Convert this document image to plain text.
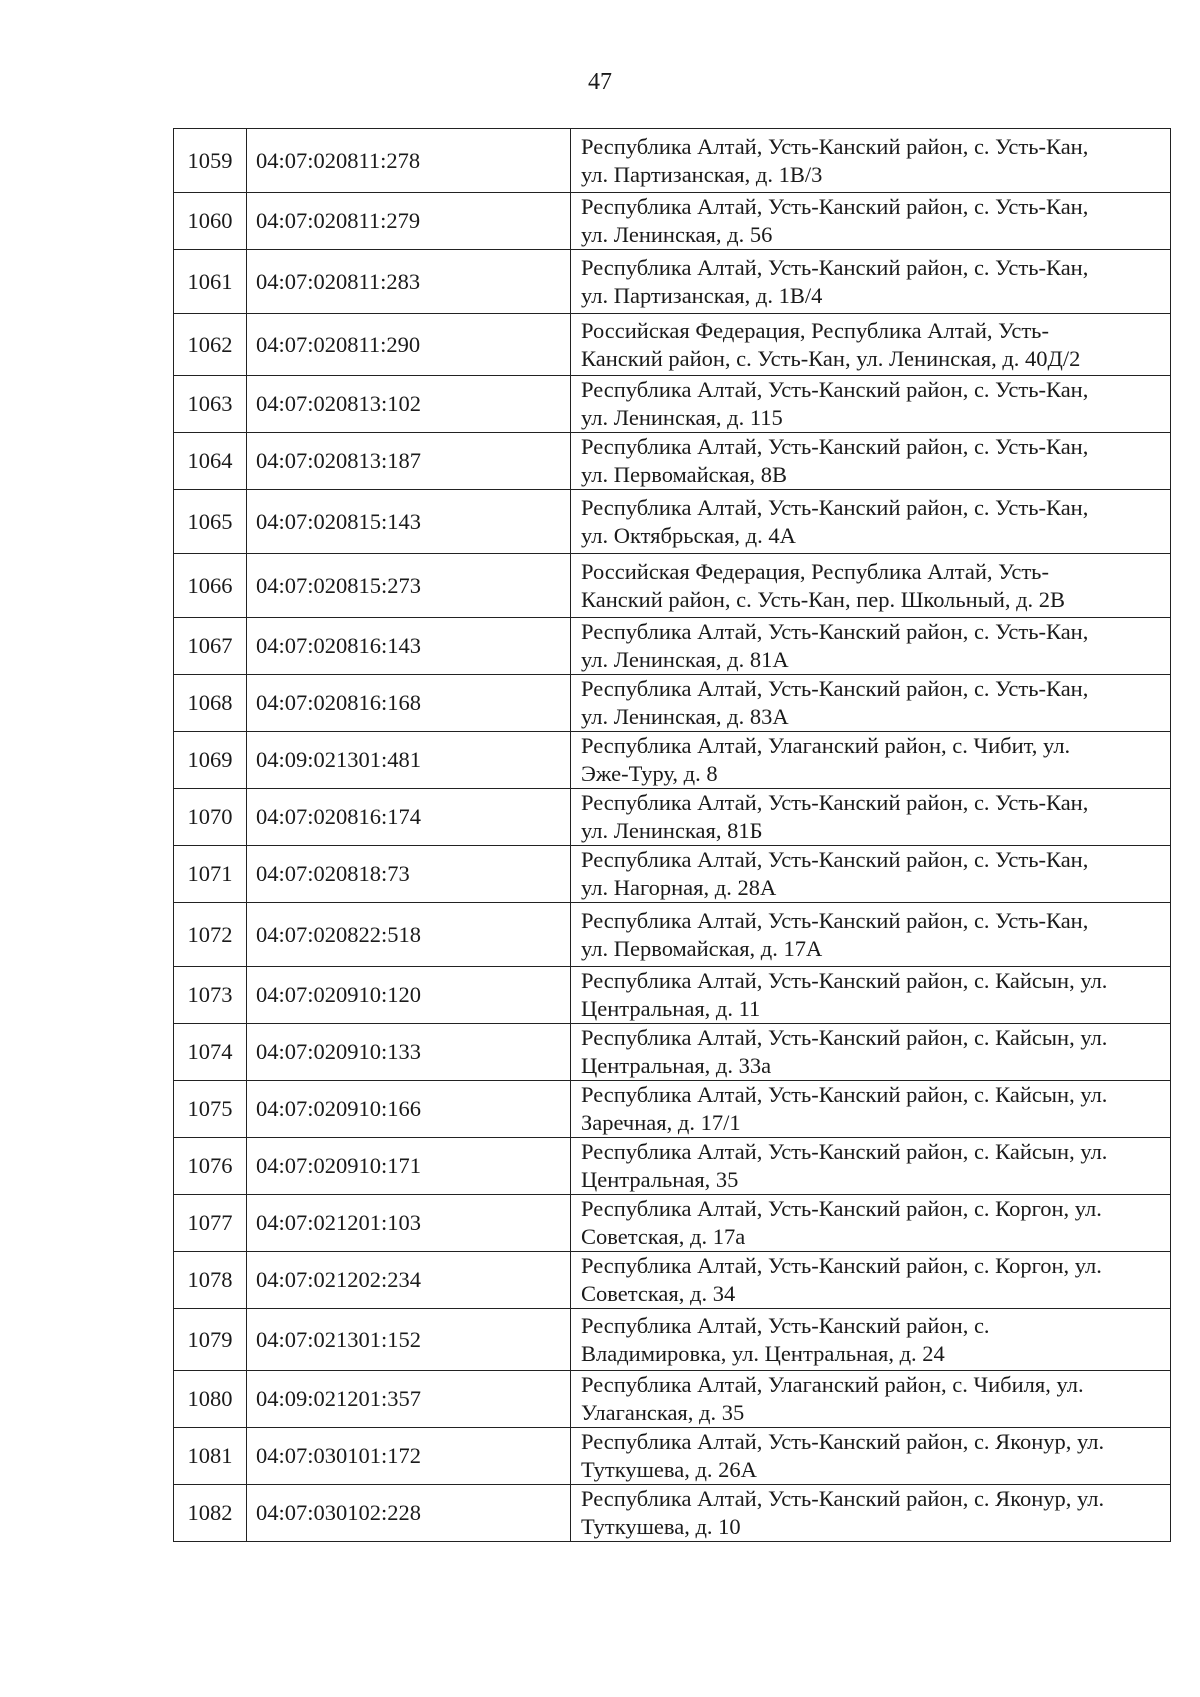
47
1059	04:07:020811:278	Республика Алтай, Усть-Канский район, с. Усть-Кан,
ул. Партизанская, д. 1В/3
1060	04:07:020811:279	Республика Алтай, Усть-Канский район, с. Усть-Кан,
ул. Ленинская, д. 56
1061	04:07:020811:283	Республика Алтай, Усть-Канский район, с. Усть-Кан,
ул. Партизанская, д. 1В/4
1062	04:07:020811:290	Российская Федерация, Республика Алтай, Усть-
Канский район, с. Усть-Кан, ул. Ленинская, д. 40Д/2
1063	04:07:020813:102	Республика Алтай, Усть-Канский район, с. Усть-Кан,
ул. Ленинская, д. 115
1064	04:07:020813:187	Республика Алтай, Усть-Канский район, с. Усть-Кан,
ул. Первомайская, 8В
1065	04:07:020815:143	Республика Алтай, Усть-Канский район, с. Усть-Кан,
ул. Октябрьская, д. 4А
1066	04:07:020815:273	Российская Федерация, Республика Алтай, Усть-
Канский район, с. Усть-Кан, пер. Школьный, д. 2В
1067	04:07:020816:143	Республика Алтай, Усть-Канский район, с. Усть-Кан,
ул. Ленинская, д. 81А
1068	04:07:020816:168	Республика Алтай, Усть-Канский район, с. Усть-Кан,
ул. Ленинская, д. 83А
1069	04:09:021301:481	Республика Алтай, Улаганский район, с. Чибит, ул.
Эже-Туру, д. 8
1070	04:07:020816:174	Республика Алтай, Усть-Канский район, с. Усть-Кан,
ул. Ленинская, 81Б
1071	04:07:020818:73	Республика Алтай, Усть-Канский район, с. Усть-Кан,
ул. Нагорная, д. 28А
1072	04:07:020822:518	Республика Алтай, Усть-Канский район, с. Усть-Кан,
ул. Первомайская, д. 17А
1073	04:07:020910:120	Республика Алтай, Усть-Канский район, с. Кайсын, ул.
Центральная, д. 11
1074	04:07:020910:133	Республика Алтай, Усть-Канский район, с. Кайсын, ул.
Центральная, д. 33а
1075	04:07:020910:166	Республика Алтай, Усть-Канский район, с. Кайсын, ул.
Заречная, д. 17/1
1076	04:07:020910:171	Республика Алтай, Усть-Канский район, с. Кайсын, ул.
Центральная, 35
1077	04:07:021201:103	Республика Алтай, Усть-Канский район, с. Коргон, ул.
Советская, д. 17а
1078	04:07:021202:234	Республика Алтай, Усть-Канский район, с. Коргон, ул.
Советская, д. 34
1079	04:07:021301:152	Республика Алтай, Усть-Канский район, с.
Владимировка, ул. Центральная, д. 24
1080	04:09:021201:357	Республика Алтай, Улаганский район, с. Чибиля, ул.
Улаганская, д. 35
1081	04:07:030101:172	Республика Алтай, Усть-Канский район, с. Яконур, ул.
Туткушева, д. 26А
1082	04:07:030102:228	Республика Алтай, Усть-Канский район, с. Яконур, ул.
Туткушева, д. 10
